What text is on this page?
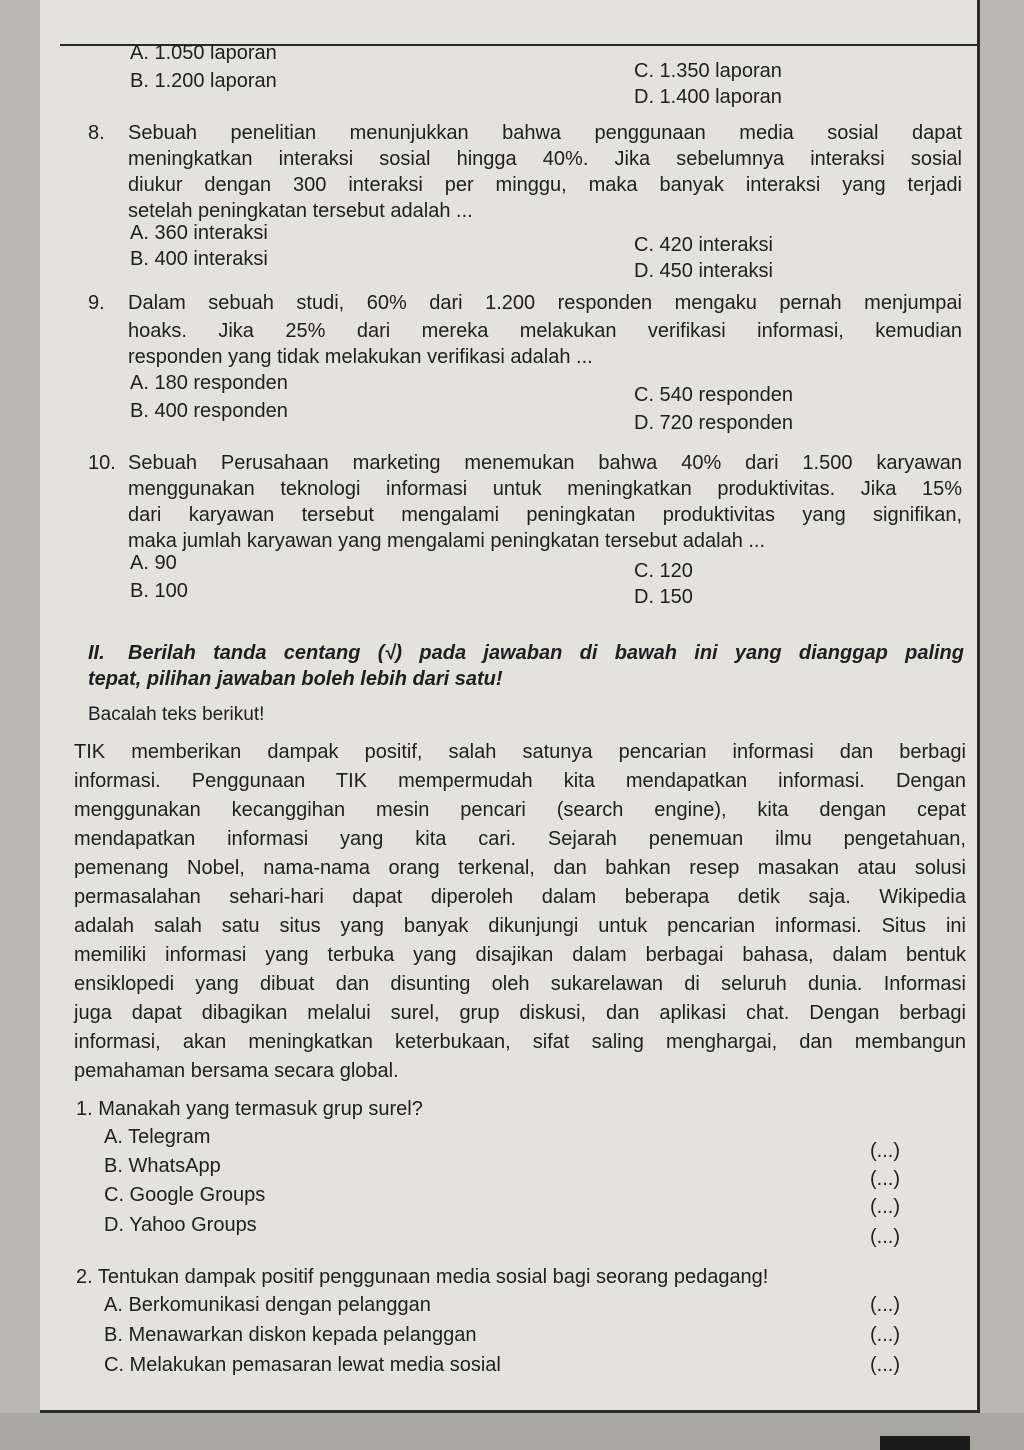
A. 1.050 laporan
B. 1.200 laporan	C. 1.350 laporan
D. 1.400 laporan
8. Sebuah penelitian menunjukkan bahwa penggunaan media sosial dapat
meningkatkan interaksi sosial hingga 40%. Jika sebelumnya interaksi sosial
diukur dengan 300 interaksi per minggu, maka banyak interaksi yang terjadi
setelah peningkatan tersebut adalah ...
A. 360 interaksi
B. 400 interaksi
C. 420 interaksi
D. 450 interaksi
9. Dalam sebuah studi, 60% dari 1.200 responden mengaku pernah menjumpai
hoaks. Jika 25% dari mereka melakukan verifikasi informasi, kemudian
responden yang tidak melakukan verifikasi adalah ...
A. 180 responden
B. 400 responden
C. 540 responden
D. 720 responden
10. Sebuah Perusahaan marketing menemukan bahwa 40% dari 1.500 karyawan
menggunakan teknologi informasi untuk meningkatkan produktivitas. Jika 15%
dari karyawan tersebut mengalami peningkatan produktivitas yang signifikan,
maka jumlah karyawan yang mengalami peningkatan tersebut adalah ...
A. 90
B. 100
C. 120
D. 150
II. Berilah tanda centang (√) pada jawaban di bawah ini yang dianggap paling
tepat, pilihan jawaban boleh lebih dari satu!
Bacalah teks berikut!
TIK memberikan dampak positif, salah satunya pencarian informasi dan berbagi
informasi. Penggunaan TIK mempermudah kita mendapatkan informasi. Dengan
menggunakan kecanggihan mesin pencari (search engine), kita dengan cepat
mendapatkan informasi yang kita cari. Sejarah penemuan ilmu pengetahuan,
pemenang Nobel, nama-nama orang terkenal, dan bahkan resep masakan atau solusi
permasalahan sehari-hari dapat diperoleh dalam beberapa detik saja. Wikipedia
adalah salah satu situs yang banyak dikunjungi untuk pencarian informasi. Situs ini
memiliki informasi yang terbuka yang disajikan dalam berbagai bahasa, dalam bentuk
ensiklopedi yang dibuat dan disunting oleh sukarelawan di seluruh dunia. Informasi
juga dapat dibagikan melalui surel, grup diskusi, dan aplikasi chat. Dengan berbagi
informasi, akan meningkatkan keterbukaan, sifat saling menghargai, dan membangun
pemahaman bersama secara global.
1. Manakah yang termasuk grup surel?
A. Telegram
B. WhatsApp
C. Google Groups
D. Yahoo Groups
(...)
(...)
(...)
(...)
2. Tentukan dampak positif penggunaan media sosial bagi seorang pedagang!
A. Berkomunikasi dengan pelanggan
B. Menawarkan diskon kepada pelanggan
C. Melakukan pemasaran lewat media sosial
(...)
(...)
(...)
